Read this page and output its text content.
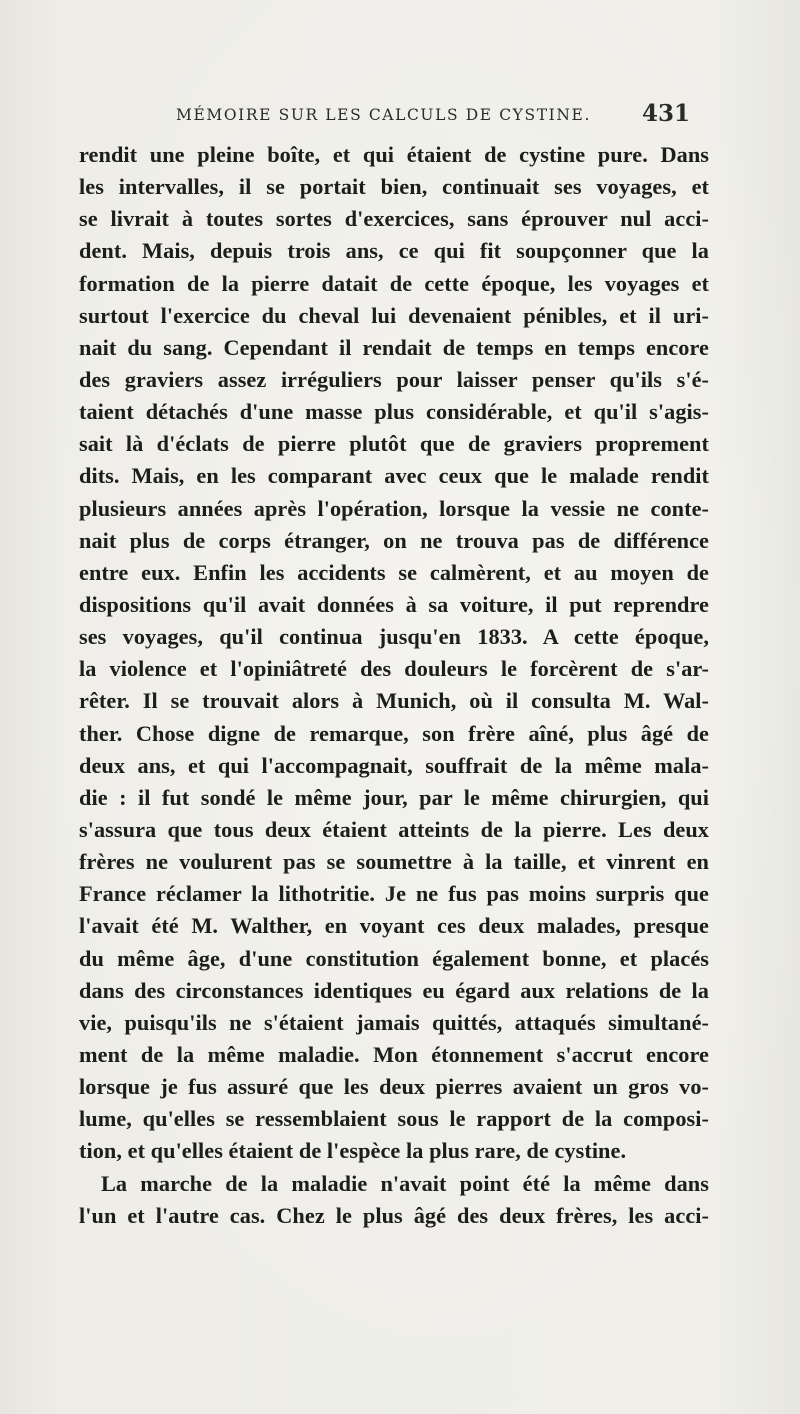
MÉMOIRE SUR LES CALCULS DE CYSTINE. 431
rendit une pleine boîte, et qui étaient de cystine pure. Dans
les intervalles, il se portait bien, continuait ses voyages, et
se livrait à toutes sortes d'exercices, sans éprouver nul acci-
dent. Mais, depuis trois ans, ce qui fit soupçonner que la
formation de la pierre datait de cette époque, les voyages et
surtout l'exercice du cheval lui devenaient pénibles, et il uri-
nait du sang. Cependant il rendait de temps en temps encore
des graviers assez irréguliers pour laisser penser qu'ils s'é-
taient détachés d'une masse plus considérable, et qu'il s'agis-
sait là d'éclats de pierre plutôt que de graviers proprement
dits. Mais, en les comparant avec ceux que le malade rendit
plusieurs années après l'opération, lorsque la vessie ne conte-
nait plus de corps étranger, on ne trouva pas de différence
entre eux. Enfin les accidents se calmèrent, et au moyen de
dispositions qu'il avait données à sa voiture, il put reprendre
ses voyages, qu'il continua jusqu'en 1833. A cette époque,
la violence et l'opiniâtreté des douleurs le forcèrent de s'ar-
rêter. Il se trouvait alors à Munich, où il consulta M. Wal-
ther. Chose digne de remarque, son frère aîné, plus âgé de
deux ans, et qui l'accompagnait, souffrait de la même mala-
die : il fut sondé le même jour, par le même chirurgien, qui
s'assura que tous deux étaient atteints de la pierre. Les deux
frères ne voulurent pas se soumettre à la taille, et vinrent en
France réclamer la lithotritie. Je ne fus pas moins surpris que
l'avait été M. Walther, en voyant ces deux malades, presque
du même âge, d'une constitution également bonne, et placés
dans des circonstances identiques eu égard aux relations de la
vie, puisqu'ils ne s'étaient jamais quittés, attaqués simultané-
ment de la même maladie. Mon étonnement s'accrut encore
lorsque je fus assuré que les deux pierres avaient un gros vo-
lume, qu'elles se ressemblaient sous le rapport de la composi-
tion, et qu'elles étaient de l'espèce la plus rare, de cystine.
La marche de la maladie n'avait point été la même dans
l'un et l'autre cas. Chez le plus âgé des deux frères, les acci-
